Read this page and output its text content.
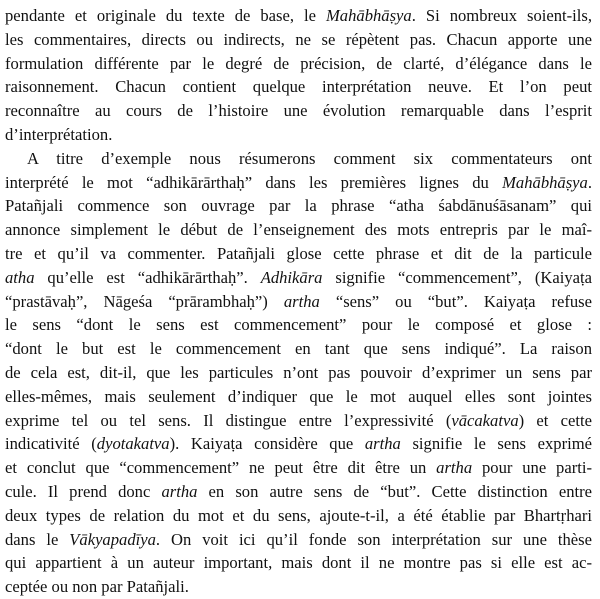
pendante et originale du texte de base, le Mahābhāṣya. Si nombreux soient-ils,
les commentaires, directs ou indirects, ne se répètent pas. Chacun apporte une
formulation différente par le degré de précision, de clarté, d’élégance dans le
raisonnement. Chacun contient quelque interprétation neuve. Et l’on peut
reconnaître au cours de l’histoire une évolution remarquable dans l’esprit
d’interprétation.
A titre d’exemple nous résumerons comment six commentateurs ont
interprété le mot “adhikārārthaḥ” dans les premières lignes du Mahābhāṣya.
Patañjali commence son ouvrage par la phrase “atha śabdānuśāsanam” qui
annonce simplement le début de l’enseignement des mots entrepris par le maî-
tre et qu’il va commenter. Patañjali glose cette phrase et dit de la particule
atha qu’elle est “adhikārārthaḥ”. Adhikāra signifie “commencement”, (Kaiyaṭa
“prastāvaḥ”, Nāgeśa “prārambhaḥ”) artha “sens” ou “but”. Kaiyaṭa refuse
le sens “dont le sens est commencement” pour le composé et glose :
“dont le but est le commencement en tant que sens indiqué”. La raison
de cela est, dit-il, que les particules n’ont pas pouvoir d’exprimer un sens par
elles-mêmes, mais seulement d’indiquer que le mot auquel elles sont jointes
exprime tel ou tel sens. Il distingue entre l’expressivité (vācakatva) et cette
indicativité (dyotakatva). Kaiyaṭa considère que artha signifie le sens exprimé
et conclut que “commencement” ne peut être dit être un artha pour une parti-
cule. Il prend donc artha en son autre sens de “but”. Cette distinction entre
deux types de relation du mot et du sens, ajoute-t-il, a été établie par Bhartṛhari
dans le Vākyapadīya. On voit ici qu’il fonde son interprétation sur une thèse
qui appartient à un auteur important, mais dont il ne montre pas si elle est ac-
ceptée ou non par Patañjali.
